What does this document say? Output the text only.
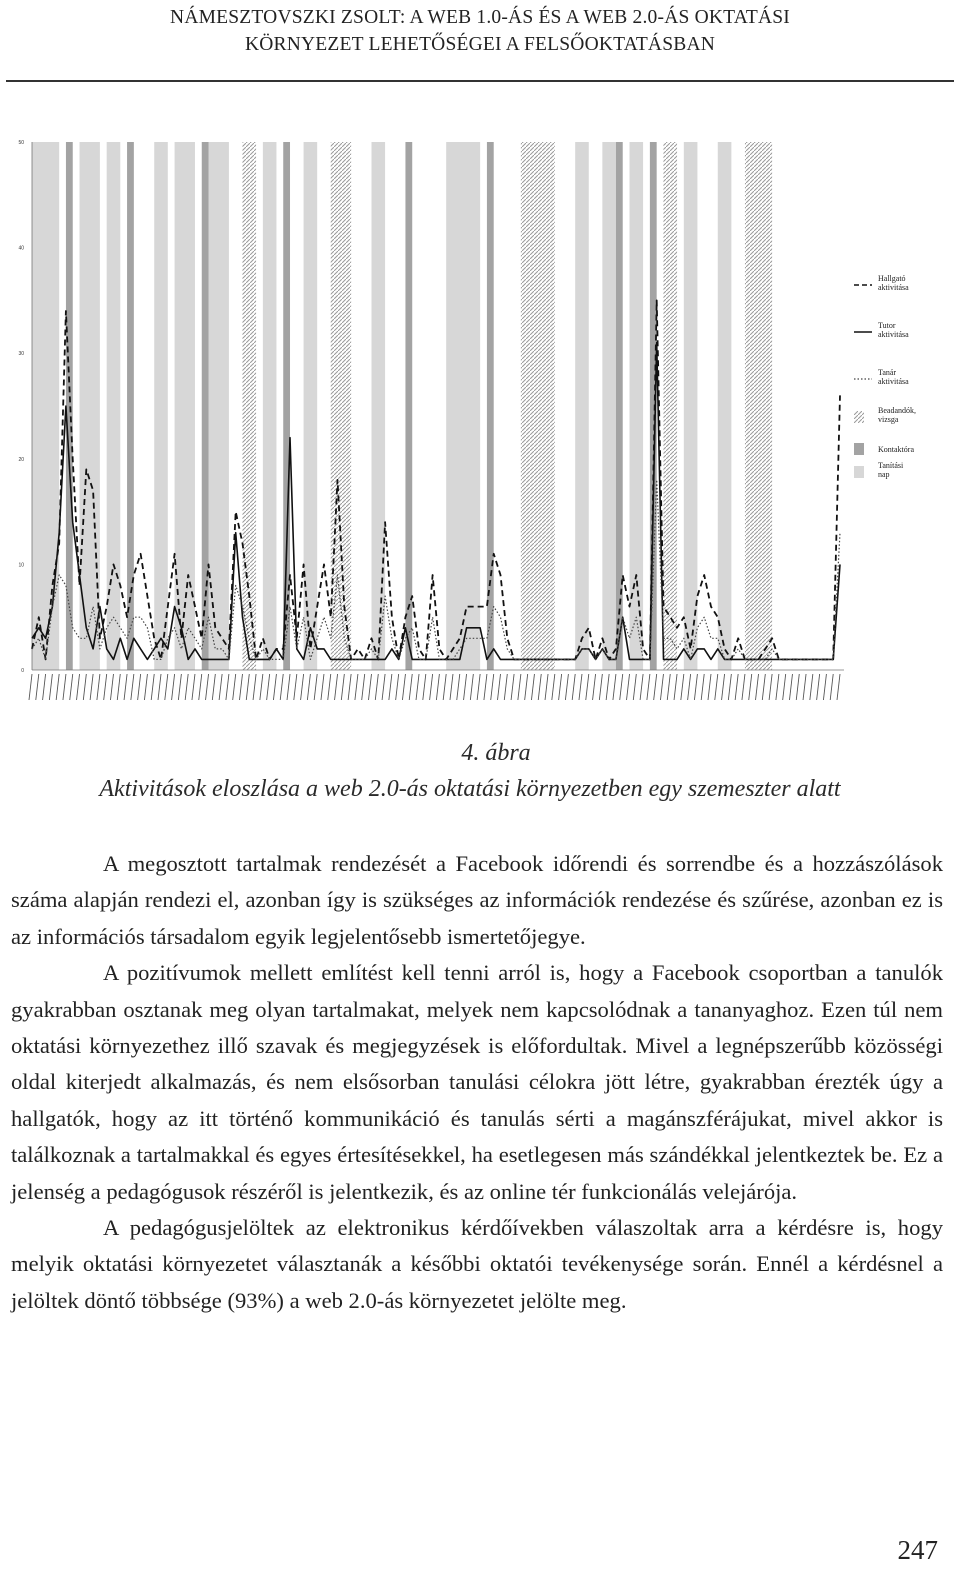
NÁMESZTOVSZKI ZSOLT: A WEB 1.0-ÁS ÉS A WEB 2.0-ÁS OKTATÁSI
KÖRNYEZET LEHETŐSÉGEI A FELSŐOKTATÁSBAN
0
10
20
30
40
50
Hallgató aktivitása
Tutor aktivitása
Tanár aktivitása
Beadandók, vizsga
Kontaktóra
Tanítási nap
4. ábra
Aktivitások eloszlása a web 2.0-ás oktatási környezetben egy szemeszter alatt

A megosztott tartalmak rendezését a Facebook időrendi és sorrendbe és a hozzászólások száma alapján rendezi el, azonban így is szükséges az információk rendezése és szűrése, azonban ez is az információs társadalom egyik legjelentősebb ismertetőjegye.

A pozitívumok mellett említést kell tenni arról is, hogy a Facebook csoportban a tanulók gyakrabban osztanak meg olyan tartalmakat, melyek nem kapcsolódnak a tananyaghoz. Ezen túl nem oktatási környezethez illő szavak és megjegyzések is előfordultak. Mivel a legnépszerűbb közösségi oldal kiterjedt alkalmazás, és nem elsősorban tanulási célokra jött létre, gyakrabban érezték úgy a hallgatók, hogy az itt történő kommunikáció és tanulás sérti a magánszférájukat, mivel akkor is találkoznak a tartalmakkal és egyes értesítésekkel, ha esetlegesen más szándékkal jelentkeztek be. Ez a jelenség a pedagógusok részéről is jelentkezik, és az online tér funkcionálás velejárója.

A pedagógusjelöltek az elektronikus kérdőívekben válaszoltak arra a kérdésre is, hogy melyik oktatási környezetet választanák a későbbi oktatói tevékenysége során. Ennél a kérdésnel a jelöltek döntő többsége (93%) a web 2.0-ás környezetet jelölte meg.

247
